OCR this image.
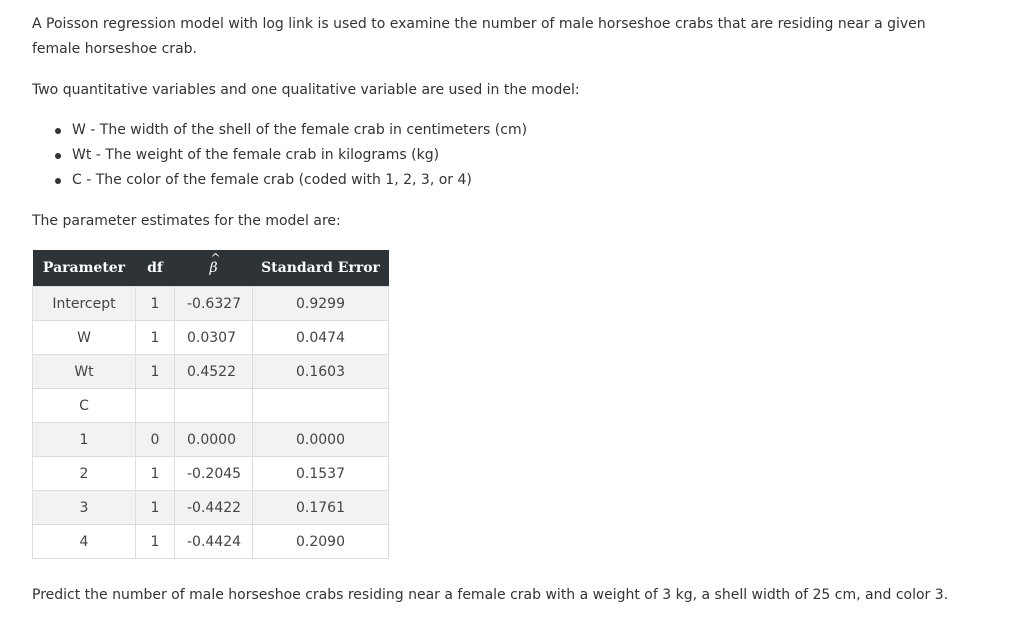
A Poisson regression model with log link is used to examine the number of male horseshoe crabs that are residing near a given female horseshoe crab.

Two quantitative variables and one qualitative variable are used in the model:

W - The width of the shell of the female crab in centimeters (cm)
Wt - The weight of the female crab in kilograms (kg)
C - The color of the female crab (coded with 1, 2, 3, or 4)

The parameter estimates for the model are:

Parameter	df	^ β	Standard Error
Intercept	1	-0.6327	0.9299
W	1	0.0307	0.0474
Wt	1	0.4522	0.1603
C			
1	0	0.0000	0.0000
2	1	-0.2045	0.1537
3	1	-0.4422	0.1761
4	1	-0.4424	0.2090

Predict the number of male horseshoe crabs residing near a female crab with a weight of 3 kg, a shell width of 25 cm, and color 3.
